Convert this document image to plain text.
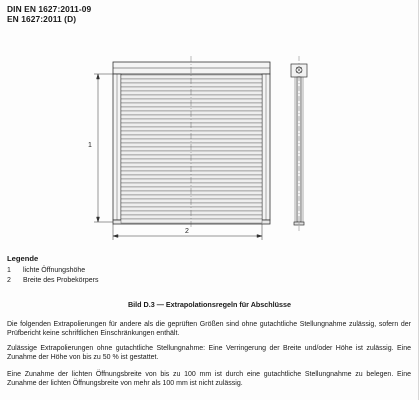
DIN EN 1627:2011-09
EN 1627:2011 (D)
1
2
Legende
1 lichte Öffnungshöhe
2 Breite des Probekörpers
Bild D.3 — Extrapolationsregeln für Abschlüsse
Die folgenden Extrapolierungen für andere als die geprüften Größen sind ohne gutachtliche Stellungnahme zulässig, sofern der Prüfbericht keine schriftlichen Einschränkungen enthält.
Zulässige Extrapolierungen ohne gutachtliche Stellungnahme: Eine Verringerung der Breite und/oder Höhe ist zulässig. Eine Zunahme der Höhe von bis zu 50 % ist gestattet.
Eine Zunahme der lichten Öffnungsbreite von bis zu 100 mm ist durch eine gutachtliche Stellungnahme zu belegen. Eine Zunahme der lichten Öffnungsbreite von mehr als 100 mm ist nicht zulässig.
